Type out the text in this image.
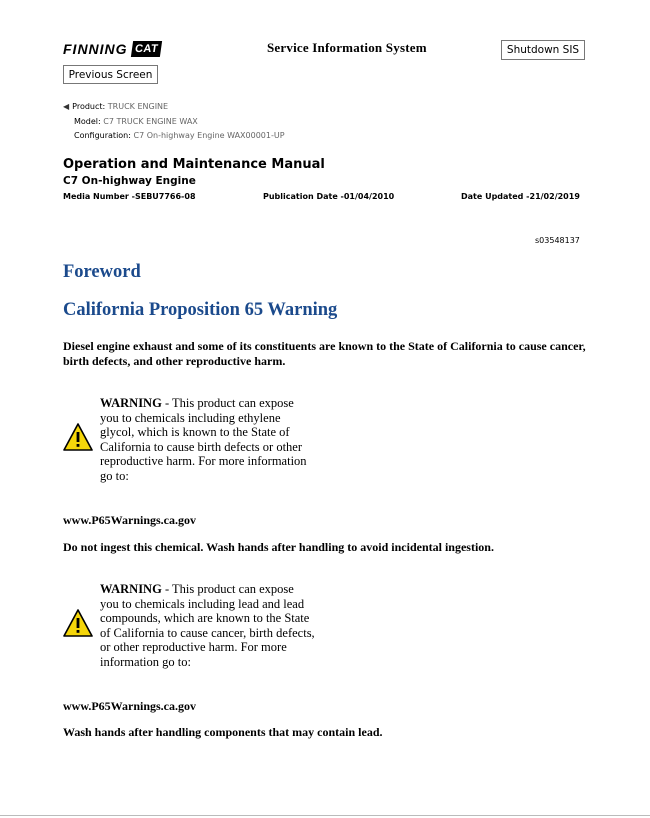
FINNING CAT	Service Information System	Shutdown SIS
Previous Screen
◀ Product: TRUCK ENGINE
Model: C7 TRUCK ENGINE WAX
Configuration: C7 On-highway Engine WAX00001-UP
Operation and Maintenance Manual
C7 On-highway Engine
Media Number -SEBU7766-08	Publication Date -01/04/2010	Date Updated -21/02/2019
s03548137
Foreword
California Proposition 65 Warning
Diesel engine exhaust and some of its constituents are known to the State of California to cause cancer, birth defects, and other reproductive harm.
WARNING - This product can expose
you to chemicals including ethylene
glycol, which is known to the State of
California to cause birth defects or other
reproductive harm. For more information
go to:
www.P65Warnings.ca.gov
Do not ingest this chemical. Wash hands after handling to avoid incidental ingestion.
WARNING - This product can expose
you to chemicals including lead and lead
compounds, which are known to the State
of California to cause cancer, birth defects,
or other reproductive harm. For more
information go to:
www.P65Warnings.ca.gov
Wash hands after handling components that may contain lead.
